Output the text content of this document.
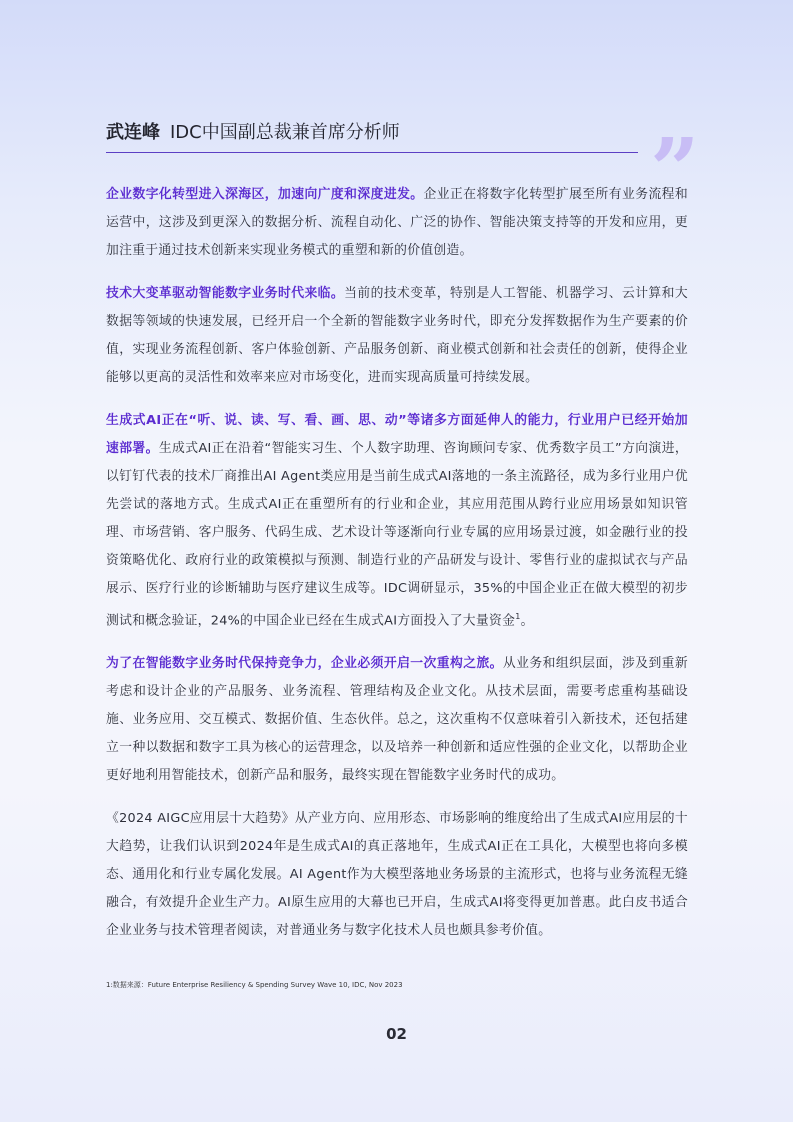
武连峰 IDC中国副总裁兼首席分析师	”

企业数字化转型进入深海区，加速向广度和深度进发。企业正在将数字化转型扩展至所有业务流程和运营中，这涉及到更深入的数据分析、流程自动化、广泛的协作、智能决策支持等的开发和应用，更加注重于通过技术创新来实现业务模式的重塑和新的价值创造。

技术大变革驱动智能数字业务时代来临。当前的技术变革，特别是人工智能、机器学习、云计算和大数据等领域的快速发展，已经开启一个全新的智能数字业务时代，即充分发挥数据作为生产要素的价值，实现业务流程创新、客户体验创新、产品服务创新、商业模式创新和社会责任的创新，使得企业能够以更高的灵活性和效率来应对市场变化，进而实现高质量可持续发展。

生成式AI正在“听、说、读、写、看、画、思、动”等诸多方面延伸人的能力，行业用户已经开始加速部署。生成式AI正在沿着“智能实习生、个人数字助理、咨询顾问专家、优秀数字员工”方向演进，以钉钉代表的技术厂商推出AI Agent类应用是当前生成式AI落地的一条主流路径，成为多行业用户优先尝试的落地方式。生成式AI正在重塑所有的行业和企业，其应用范围从跨行业应用场景如知识管理、市场营销、客户服务、代码生成、艺术设计等逐渐向行业专属的应用场景过渡，如金融行业的投资策略优化、政府行业的政策模拟与预测、制造行业的产品研发与设计、零售行业的虚拟试衣与产品展示、医疗行业的诊断辅助与医疗建议生成等。IDC调研显示，35%的中国企业正在做大模型的初步测试和概念验证，24%的中国企业已经在生成式AI方面投入了大量资金$^1$。

为了在智能数字业务时代保持竞争力，企业必须开启一次重构之旅。从业务和组织层面，涉及到重新考虑和设计企业的产品服务、业务流程、管理结构及企业文化。从技术层面，需要考虑重构基础设施、业务应用、交互模式、数据价值、生态伙伴。总之，这次重构不仅意味着引入新技术，还包括建立一种以数据和数字工具为核心的运营理念，以及培养一种创新和适应性强的企业文化，以帮助企业更好地利用智能技术，创新产品和服务，最终实现在智能数字业务时代的成功。

《2024 AIGC应用层十大趋势》从产业方向、应用形态、市场影响的维度给出了生成式AI应用层的十大趋势，让我们认识到2024年是生成式AI的真正落地年，生成式AI正在工具化，大模型也将向多模态、通用化和行业专属化发展。AI Agent作为大模型落地业务场景的主流形式，也将与业务流程无缝融合，有效提升企业生产力。AI原生应用的大幕也已开启，生成式AI将变得更加普惠。此白皮书适合企业业务与技术管理者阅读，对普通业务与数字化技术人员也颇具参考价值。

1:数据来源：Future Enterprise Resiliency & Spending Survey Wave 10, IDC, Nov 2023
02
